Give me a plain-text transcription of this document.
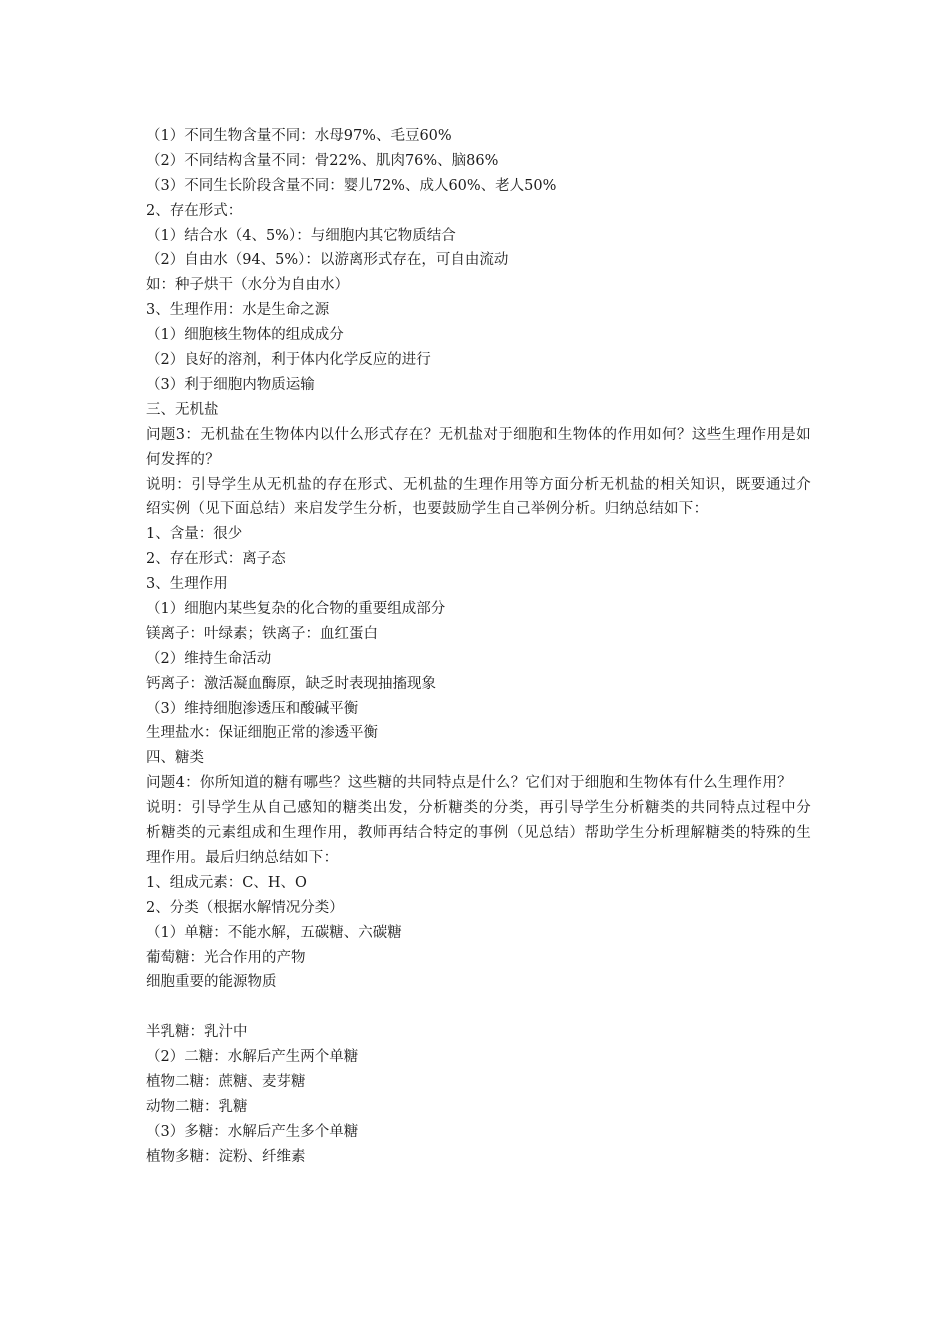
（1）不同生物含量不同：水母97%、毛豆60%
（2）不同结构含量不同：骨22%、肌肉76%、脑86%
（3）不同生长阶段含量不同：婴儿72%、成人60%、老人50%
2、存在形式：
（1）结合水（4、5%）：与细胞内其它物质结合
（2）自由水（94、5%）：以游离形式存在，可自由流动
如：种子烘干（水分为自由水）
3、生理作用：水是生命之源
（1）细胞核生物体的组成成分
（2）良好的溶剂，利于体内化学反应的进行
（3）利于细胞内物质运输
三、无机盐
问题3：无机盐在生物体内以什么形式存在？无机盐对于细胞和生物体的作用如何？这些生理作用是如何发挥的？
说明：引导学生从无机盐的存在形式、无机盐的生理作用等方面分析无机盐的相关知识，既要通过介绍实例（见下面总结）来启发学生分析，也要鼓励学生自己举例分析。归纳总结如下：
1、含量：很少
2、存在形式：离子态
3、生理作用
（1）细胞内某些复杂的化合物的重要组成部分
镁离子：叶绿素；铁离子：血红蛋白
（2）维持生命活动
钙离子：激活凝血酶原，缺乏时表现抽搐现象
（3）维持细胞渗透压和酸碱平衡
生理盐水：保证细胞正常的渗透平衡
四、糖类
问题4：你所知道的糖有哪些？这些糖的共同特点是什么？它们对于细胞和生物体有什么生理作用？
说明：引导学生从自己感知的糖类出发，分析糖类的分类，再引导学生分析糖类的共同特点过程中分析糖类的元素组成和生理作用，教师再结合特定的事例（见总结）帮助学生分析理解糖类的特殊的生理作用。最后归纳总结如下：
1、组成元素：C、H、O
2、分类（根据水解情况分类）
（1）单糖：不能水解，五碳糖、六碳糖
葡萄糖：光合作用的产物
细胞重要的能源物质
半乳糖：乳汁中
（2）二糖：水解后产生两个单糖
植物二糖：蔗糖、麦芽糖
动物二糖：乳糖
（3）多糖：水解后产生多个单糖
植物多糖：淀粉、纤维素
